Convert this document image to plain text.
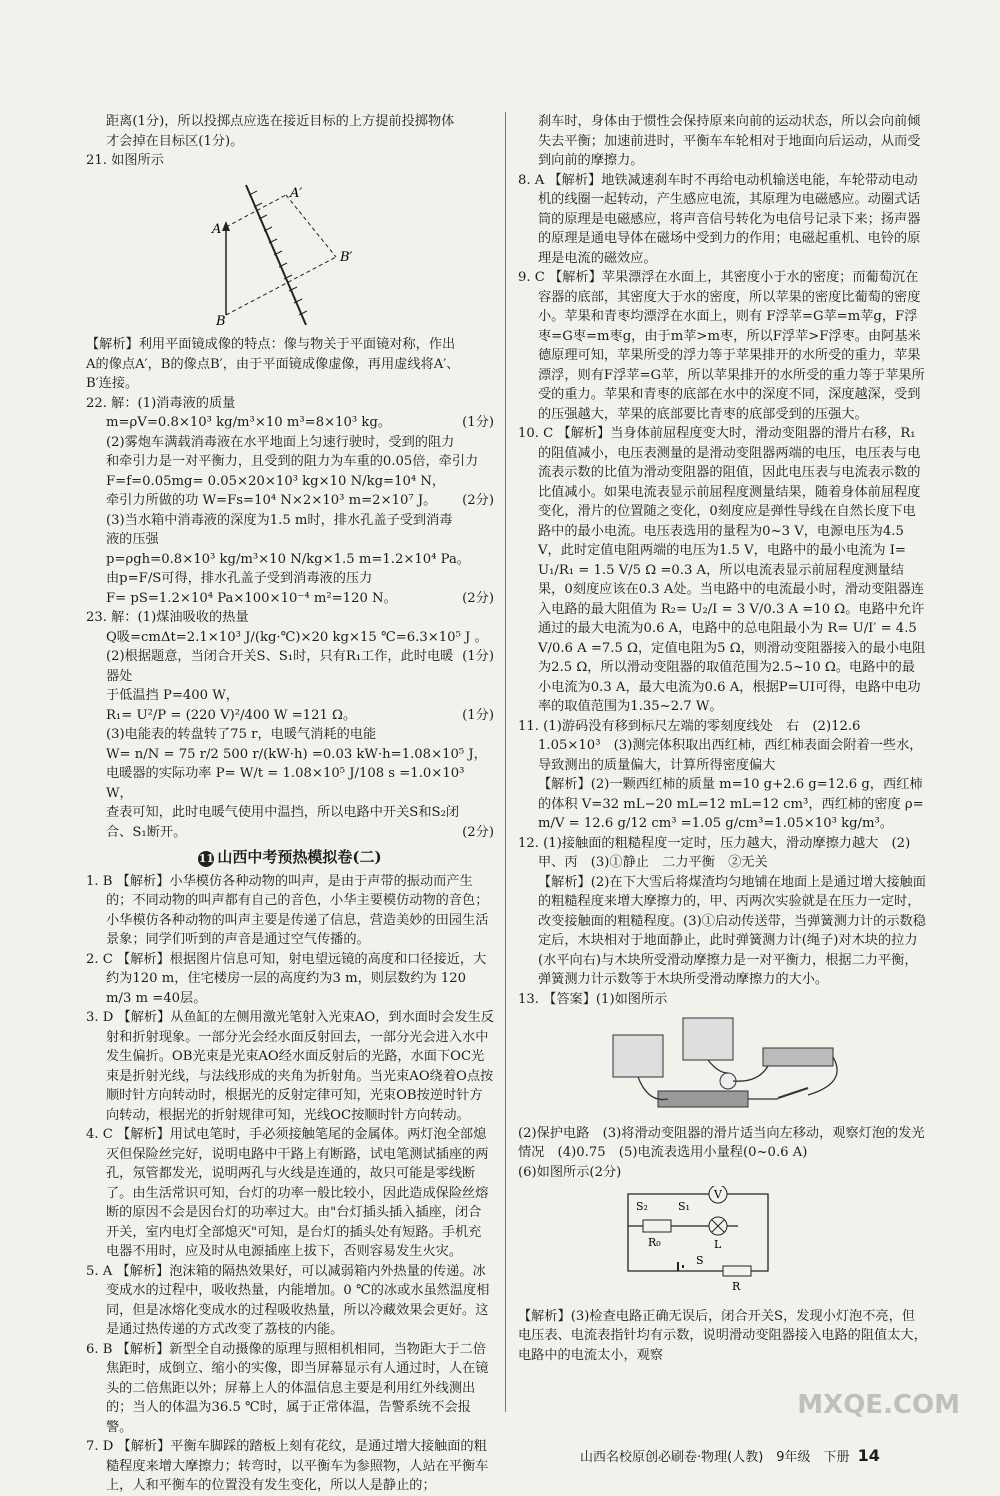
距离(1分)，所以投掷点应选在接近目标的上方提前投掷物体

才会掉在目标区(1分)。

21. 如图所示

A
B
A′
B′

【解析】利用平面镜成像的特点：像与物关于平面镜对称，作出

A的像点A′，B的像点B′，由于平面镜成像虚像，再用虚线将A′、

B′连接。

22. 解：(1)消毒液的质量

m=ρV=0.8×10³ kg/m³×10 m³=8×10³ kg。	(1分)

(2)雾炮车满载消毒液在水平地面上匀速行驶时，受到的阻力

和牵引力是一对平衡力，且受到的阻力为车重的0.05倍，牵引力

F=f=0.05mg= 0.05×20×10³ kg×10 N/kg=10⁴ N，

牵引力所做的功 W=Fs=10⁴ N×2×10³ m=2×10⁷ J。 (2分)

(3)当水箱中消毒液的深度为1.5 m时，排水孔盖子受到消毒

液的压强

p=ρgh=0.8×10³ kg/m³×10 N/kg×1.5 m=1.2×10⁴ Pa。

由p=F/S可得，排水孔盖子受到消毒液的压力

F= pS=1.2×10⁴ Pa×100×10⁻⁴ m²=120 N。	(2分)

23. 解：(1)煤油吸收的热量

Q吸=cmΔt=2.1×10³ J/(kg·℃)×20 kg×15 ℃=6.3×10⁵ J 。
(1分)

(2)根据题意，当闭合开关S、S₁时，只有R₁工作，此时电暖器处

于低温挡 P=400 W，

R₁= U²/P = (220 V)²/400 W =121 Ω。	(1分)

(3)电能表的转盘转了75 r，电暖气消耗的电能

W= n/N = 75 r/2 500 r/(kW·h) =0.03 kW·h=1.08×10⁵ J，

电暖器的实际功率 P= W/t = 1.08×10⁵ J/108 s =1.0×10³ W，

查表可知，此时电暖气使用中温挡，所以电路中开关S和S₂闭

合、S₁断开。	(2分)

11 山西中考预热模拟卷(二)

1. B 【解析】小华模仿各种动物的叫声，是由于声带的振动而产生的；不同动物的叫声都有自己的音色，小华主要模仿动物的音色；小华模仿各种动物的叫声主要是传递了信息，营造美妙的田园生活景象；同学们听到的声音是通过空气传播的。

2. C 【解析】根据图片信息可知，射电望远镜的高度和口径接近，大约为120 m，住宅楼房一层的高度约为3 m，则层数约为 120 m/3 m =40层。

3. D 【解析】从鱼缸的左侧用激光笔射入光束AO，到水面时会发生反射和折射现象。一部分光会经水面反射回去，一部分光会进入水中发生偏折。OB光束是光束AO经水面反射后的光路，水面下OC光束是折射光线，与法线形成的夹角为折射角。当光束AO绕着O点按顺时针方向转动时，根据光的反射定律可知，光束OB按逆时针方向转动，根据光的折射规律可知，光线OC按顺时针方向转动。

4. C 【解析】用试电笔时，手必须接触笔尾的金属体。两灯泡全部熄灭但保险丝完好，说明电路中干路上有断路，试电笔测试插座的两孔，氖管都发光，说明两孔与火线是连通的，故只可能是零线断了。由生活常识可知，台灯的功率一般比较小，因此造成保险丝熔断的原因不会是因台灯的功率过大。由"台灯插头插入插座，闭合开关，室内电灯全部熄灭"可知，是台灯的插头处有短路。手机充电器不用时，应及时从电源插座上拔下，否则容易发生火灾。

5. A 【解析】泡沫箱的隔热效果好，可以减弱箱内外热量的传递。冰变成水的过程中，吸收热量，内能增加。0 ℃的冰或水虽然温度相同，但是冰熔化变成水的过程吸收热量，所以冷藏效果会更好。这是通过热传递的方式改变了荔枝的内能。

6. B 【解析】新型全自动摄像的原理与照相机相同，当物距大于二倍焦距时，成倒立、缩小的实像，即当屏幕显示有人通过时，人在镜头的二倍焦距以外；屏幕上人的体温信息主要是利用红外线测出的；当人的体温为36.5 ℃时，属于正常体温，告警系统不会报警。

7. D 【解析】平衡车脚踩的踏板上刻有花纹，是通过增大接触面的粗糙程度来增大摩擦力；转弯时，以平衡车为参照物，人站在平衡车上，人和平衡车的位置没有发生变化，所以人是静止的；

刹车时，身体由于惯性会保持原来向前的运动状态，所以会向前倾失去平衡；加速前进时，平衡车车轮相对于地面向后运动，从而受到向前的摩擦力。

8. A 【解析】地铁减速刹车时不再给电动机输送电能，车轮带动电动机的线圈一起转动，产生感应电流，其原理为电磁感应。动圈式话筒的原理是电磁感应，将声音信号转化为电信号记录下来；扬声器的原理是通电导体在磁场中受到力的作用；电磁起重机、电铃的原理是电流的磁效应。

9. C 【解析】苹果漂浮在水面上，其密度小于水的密度；而葡萄沉在容器的底部，其密度大于水的密度，所以苹果的密度比葡萄的密度小。苹果和青枣均漂浮在水面上，则有 F浮苹=G苹=m苹g，F浮枣=G枣=m枣g，由于m苹>m枣，所以F浮苹>F浮枣。由阿基米德原理可知，苹果所受的浮力等于苹果排开的水所受的重力，苹果漂浮，则有F浮苹=G苹，所以苹果排开的水所受的重力等于苹果所受的重力。苹果和青枣的底部在水中的深度不同，深度越深，受到的压强越大，苹果的底部要比青枣的底部受到的压强大。

10. C 【解析】当身体前屈程度变大时，滑动变阻器的滑片右移，R₁的阻值减小，电压表测量的是滑动变阻器两端的电压，电压表与电流表示数的比值为滑动变阻器的阻值，因此电压表与电流表示数的比值减小。如果电流表显示前屈程度测量结果，随着身体前屈程度变化，滑片的位置随之变化，0刻度应是弹性导线在自然长度下电路中的最小电流。电压表选用的量程为0~3 V，电源电压为4.5 V，此时定值电阻两端的电压为1.5 V，电路中的最小电流为 I= U₁/R₁ = 1.5 V/5 Ω =0.3 A，所以电流表显示前屈程度测量结果，0刻度应该在0.3 A处。当电路中的电流最小时，滑动变阻器连入电路的最大阻值为 R₂= U₂/I = 3 V/0.3 A =10 Ω。电路中允许通过的最大电流为0.6 A，电路中的总电阻最小为 R= U/I′ = 4.5 V/0.6 A =7.5 Ω，定值电阻为5 Ω，则滑动变阻器接入的最小电阻为2.5 Ω，所以滑动变阻器的取值范围为2.5~10 Ω。电路中的最小电流为0.3 A，最大电流为0.6 A，根据P=UI可得，电路中电功率的取值范围为1.35~2.7 W。

11. (1)游码没有移到标尺左端的零刻度线处　右　(2)12.6　1.05×10³　(3)测完体积取出西红柿，西红柿表面会附着一些水，导致测出的质量偏大，计算所得密度偏大

【解析】(2)一颗西红柿的质量 m=10 g+2.6 g=12.6 g，西红柿的体积 V=32 mL−20 mL=12 mL=12 cm³，西红柿的密度 ρ= m/V = 12.6 g/12 cm³ =1.05 g/cm³=1.05×10³ kg/m³。

12. (1)接触面的粗糙程度一定时，压力越大，滑动摩擦力越大　(2)甲、丙　(3)①静止　二力平衡　②无关

【解析】(2)在下大雪后将煤渣均匀地铺在地面上是通过增大接触面的粗糙程度来增大摩擦力的，甲、丙两次实验就是在压力一定时，改变接触面的粗糙程度。(3)①启动传送带，当弹簧测力计的示数稳定后，木块相对于地面静止，此时弹簧测力计(绳子)对木块的拉力(水平向右)与木块所受滑动摩擦力是一对平衡力，根据二力平衡，弹簧测力计示数等于木块所受滑动摩擦力的大小。

13. 【答案】(1)如图所示

(2)保护电路　(3)将滑动变阻器的滑片适当向左移动，观察灯泡的发光情况　(4)0.75　(5)电流表选用小量程(0~0.6 A)

(6)如图所示(2分)

V
S₂	S₁
R₀	L
S
R

【解析】(3)检查电路正确无误后，闭合开关S，发现小灯泡不亮，但电压表、电流表指针均有示数，说明滑动变阻器接入电路的阻值太大，电路中的电流太小，观察

山西名校原创必刷卷·物理(人教)　9年级　下册 14
MXQE.COM
